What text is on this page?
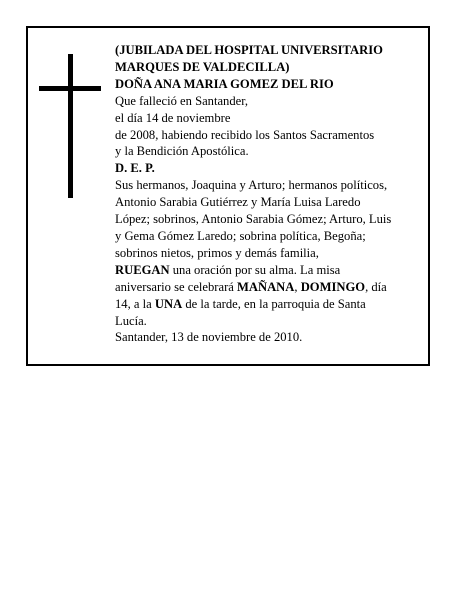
(JUBILADA DEL HOSPITAL UNIVERSITARIO
MARQUES DE VALDECILLA)
DOÑA ANA MARIA GOMEZ DEL RIO
Que falleció en Santander,
el día 14 de noviembre
de 2008, habiendo recibido los Santos Sacramentos
y la Bendición Apostólica.
D. E. P.
Sus hermanos, Joaquina y Arturo; hermanos políticos,
Antonio Sarabia Gutiérrez y María Luisa Laredo
López; sobrinos, Antonio Sarabia Gómez; Arturo, Luis
y Gema Gómez Laredo; sobrina política, Begoña;
sobrinos nietos, primos y demás familia,
RUEGAN una oración por su alma. La misa
aniversario se celebrará MAÑANA, DOMINGO, día
14, a la UNA de la tarde, en la parroquia de Santa
Lucía.
Santander, 13 de noviembre de 2010.
